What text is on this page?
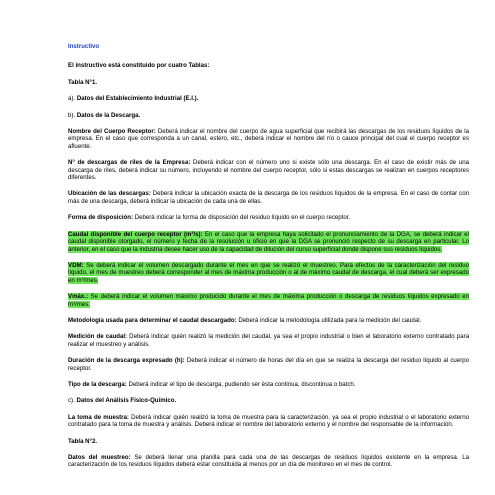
Instructivo
El instructivo está constituido por cuatro Tablas:
Tabla N°1.
a). Datos del Establecimiento Industrial (E.I.).
b). Datos de la Descarga.
Nombre del Cuerpo Receptor: Deberá indicar el nombre del cuerpo de agua superficial que recibirá las descargas de los residuos líquidos de la empresa. En el caso que corresponda a un canal, estero, etc., deberá indicar el nombre del río o cauce principal del cual el cuerpo receptor es afluente.
N° de descargas de riles de la Empresa: Deberá indicar con el número uno si existe sólo una descarga. En el caso de existir más de una descarga de riles, deberá indicar su número, incluyendo el nombre del cuerpo receptor, sólo si estas descargas se realizan en cuerpos receptores diferentes.
Ubicación de las descargas: Deberá indicar la ubicación exacta de la descarga de los residuos líquidos de la empresa. En el caso de contar con más de una descarga, deberá indicar la ubicación de cada una de ellas.
Forma de disposición: Deberá indicar la forma de disposición del residuo líquido en el cuerpo receptor.
Caudal disponible del cuerpo receptor (m³/s): En el caso que la empresa haya solicitado el pronunciamiento de la DGA, se deberá indicar el caudal disponible otorgado, el número y fecha de la resolución u oficio en que la DGA se pronunció respecto de su descarga en particular. Lo anterior, en el caso que la industria desee hacer uso de la capacidad de dilución del curso superficial donde dispone sus residuos líquidos.
VDM: Se deberá indicar el volumen descargado durante el mes en que se realizó el muestreo. Para efectos de la caracterización del residuo líquido, el mes de muestreo deberá corresponder al mes de máxima producción o al de máximo caudal de descarga, el cual deberá ser expresado en m³/mes.
Vmáx.: Se deberá indicar el volumen máximo producido durante el mes de máxima producción o descarga de residuos líquidos expresado en m³/mes.
Metodología usada para determinar el caudal descargado: Deberá indicar la metodología utilizada para la medición del caudal.
Medición de caudal: Deberá indicar quién realizó la medición del caudal, ya sea el propio industrial o bien el laboratorio externo contratado para realizar el muestreo y análisis.
Duración de la descarga expresado (h): Deberá indicar el número de horas del día en que se realiza la descarga del residuo líquido al cuerpo receptor.
Tipo de la descarga: Deberá indicar el tipo de descarga, pudiendo ser ésta continua, discontinua o batch.
c). Datos del Análisis Físico-Químico.
La toma de muestra: Deberá indicar quién realizó la toma de muestra para la caracterización, ya sea el propio industrial o el laboratorio externo contratado para la toma de muestra y análisis. Deberá indicar el nombre del laboratorio externo y el nombre del responsable de la información.
Tabla N°2.
Datos del muestreo: Se deberá llenar una planilla para cada una de las descargas de residuos líquidos existente en la empresa. La caracterización de los residuos líquidos deberá estar constituida al menos por un día de monitoreo en el mes de control.
